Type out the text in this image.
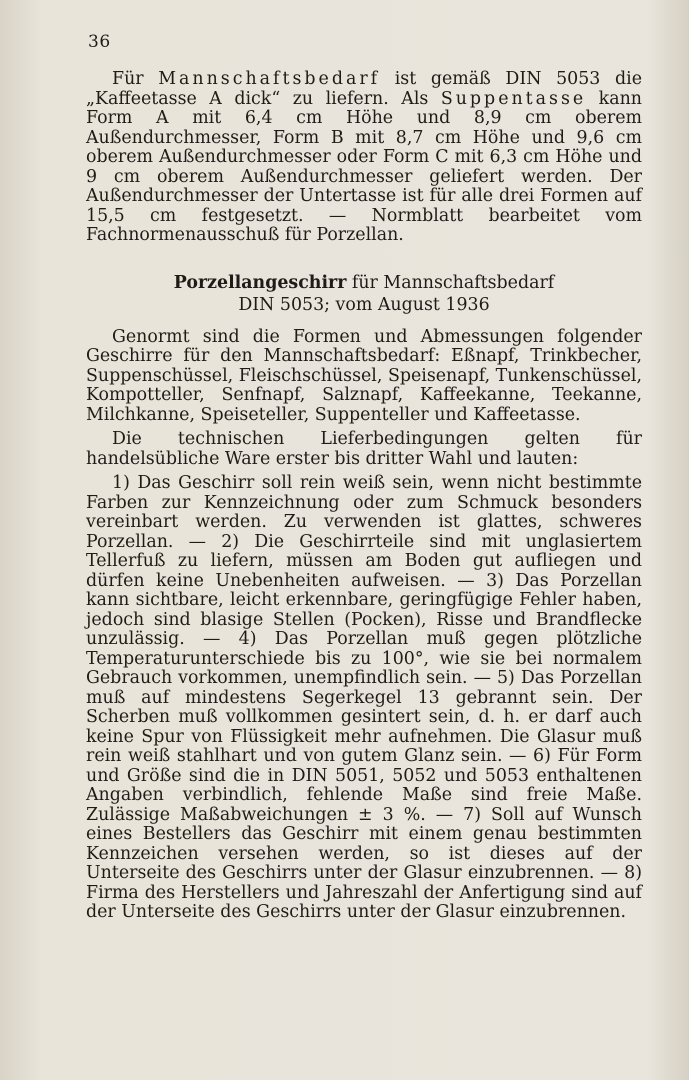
36

Für Mannschaftsbedarf ist gemäß DIN 5053 die „Kaffeetasse A dick“ zu liefern. Als Suppentasse kann Form A mit 6,4 cm Höhe und 8,9 cm oberem Außendurchmesser, Form B mit 8,7 cm Höhe und 9,6 cm oberem Außendurchmesser oder Form C mit 6,3 cm Höhe und 9 cm oberem Außendurchmesser geliefert werden. Der Außendurchmesser der Untertasse ist für alle drei Formen auf 15,5 cm festgesetzt. — Normblatt bearbeitet vom Fachnormenausschuß für Porzellan.

Porzellangeschirr für Mannschaftsbedarf
DIN 5053; vom August 1936

Genormt sind die Formen und Abmessungen folgender Geschirre für den Mannschaftsbedarf: Eßnapf, Trinkbecher, Suppenschüssel, Fleischschüssel, Speisenapf, Tunkenschüssel, Kompotteller, Senfnapf, Salznapf, Kaffeekanne, Teekanne, Milchkanne, Speiseteller, Suppenteller und Kaffeetasse.

Die technischen Lieferbedingungen gelten für handelsübliche Ware erster bis dritter Wahl und lauten:

1) Das Geschirr soll rein weiß sein, wenn nicht bestimmte Farben zur Kennzeichnung oder zum Schmuck besonders vereinbart werden. Zu verwenden ist glattes, schweres Porzellan. — 2) Die Geschirrteile sind mit unglasiertem Tellerfuß zu liefern, müssen am Boden gut aufliegen und dürfen keine Unebenheiten aufweisen. — 3) Das Porzellan kann sichtbare, leicht erkennbare, geringfügige Fehler haben, jedoch sind blasige Stellen (Pocken), Risse und Brandflecke unzulässig. — 4) Das Porzellan muß gegen plötzliche Temperaturunterschiede bis zu 100°, wie sie bei normalem Gebrauch vorkommen, unempfindlich sein. — 5) Das Porzellan muß auf mindestens Segerkegel 13 gebrannt sein. Der Scherben muß vollkommen gesintert sein, d. h. er darf auch keine Spur von Flüssigkeit mehr aufnehmen. Die Glasur muß rein weiß stahlhart und von gutem Glanz sein. — 6) Für Form und Größe sind die in DIN 5051, 5052 und 5053 enthaltenen Angaben verbindlich, fehlende Maße sind freie Maße. Zulässige Maßabweichungen ± 3 %. — 7) Soll auf Wunsch eines Bestellers das Geschirr mit einem genau bestimmten Kennzeichen versehen werden, so ist dieses auf der Unterseite des Geschirrs unter der Glasur einzubrennen. — 8) Firma des Herstellers und Jahreszahl der Anfertigung sind auf der Unterseite des Geschirrs unter der Glasur einzubrennen.
